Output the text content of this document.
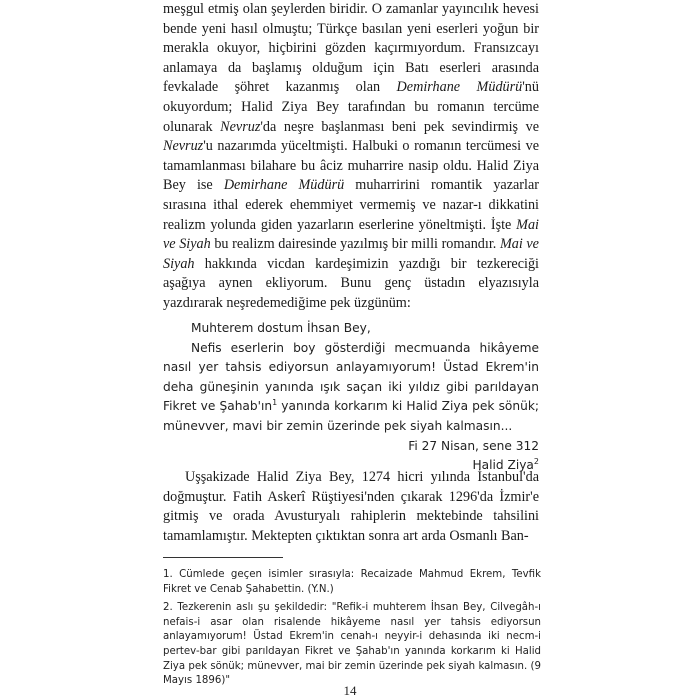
meşgul etmiş olan şeylerden biridir. O zamanlar yayıncılık hevesi bende yeni hasıl olmuştu; Türkçe basılan yeni eserleri yoğun bir merakla okuyor, hiçbirini gözden kaçırmıyordum. Fransızcayı anlamaya da başlamış olduğum için Batı eserleri arasında fevkalade şöhret kazanmış olan Demirhane Müdürü'nü okuyordum; Halid Ziya Bey tarafından bu romanın tercüme olunarak Nevruz'da neşre başlanması beni pek sevindirmiş ve Nevruz'u nazarımda yüceltmişti. Halbuki o romanın tercümesi ve tamamlanması bilahare bu âciz muharrire nasip oldu. Halid Ziya Bey ise Demirhane Müdürü muharririni romantik yazarlar sırasına ithal ederek ehemmiyet vermemiş ve nazar-ı dikkatini realizm yolunda giden yazarların eserlerine yöneltmişti. İşte Mai ve Siyah bu realizm dairesinde yazılmış bir milli romandır. Mai ve Siyah hakkında vicdan kardeşimizin yazdığı bir tezkereciği aşağıya aynen ekliyorum. Bunu genç üstadın elyazısıyla yazdırarak neşredemediğime pek üzgünüm:

Muhterem dostum İhsan Bey,

Nefis eserlerin boy gösterdiği mecmuanda hikâyeme nasıl yer tahsis ediyorsun anlayamıyorum! Üstad Ekrem'in deha güneşinin yanında ışık saçan iki yıldız gibi parıldayan Fikret ve $Şahab'ın^1$ yanında korkarım ki Halid Ziya pek sönük; münevver, mavi bir zemin üzerinde pek siyah kalmasın...

Fi 27 Nisan, sene 312

Halid Ziya$^2$

Uşşakizade Halid Ziya Bey, 1274 hicri yılında İstanbul'da doğmuştur. Fatih Askerî Rüştiyesi'nden çıkarak 1296'da İzmir'e gitmiş ve orada Avusturyalı rahiplerin mektebinde tahsilini tamamlamıştır. Mektepten çıktıktan sonra art arda Osmanlı Ban-

1. Cümlede geçen isimler sırasıyla: Recaizade Mahmud Ekrem, Tevfik Fikret ve Cenab Şahabettin. (Y.N.)

2. Tezkerenin aslı şu şekildedir: "Refik-i muhterem İhsan Bey, Cilvegâh-ı nefais-i asar olan risalende hikâyeme nasıl yer tahsis ediyorsun anlayamıyorum! Üstad Ekrem'in cenah-ı neyyir-i dehasında iki necm-i pertev-bar gibi parıldayan Fikret ve Şahab'ın yanında korkarım ki Halid Ziya pek sönük; münevver, mai bir zemin üzerinde pek siyah kalmasın. (9 Mayıs 1896)"

14
